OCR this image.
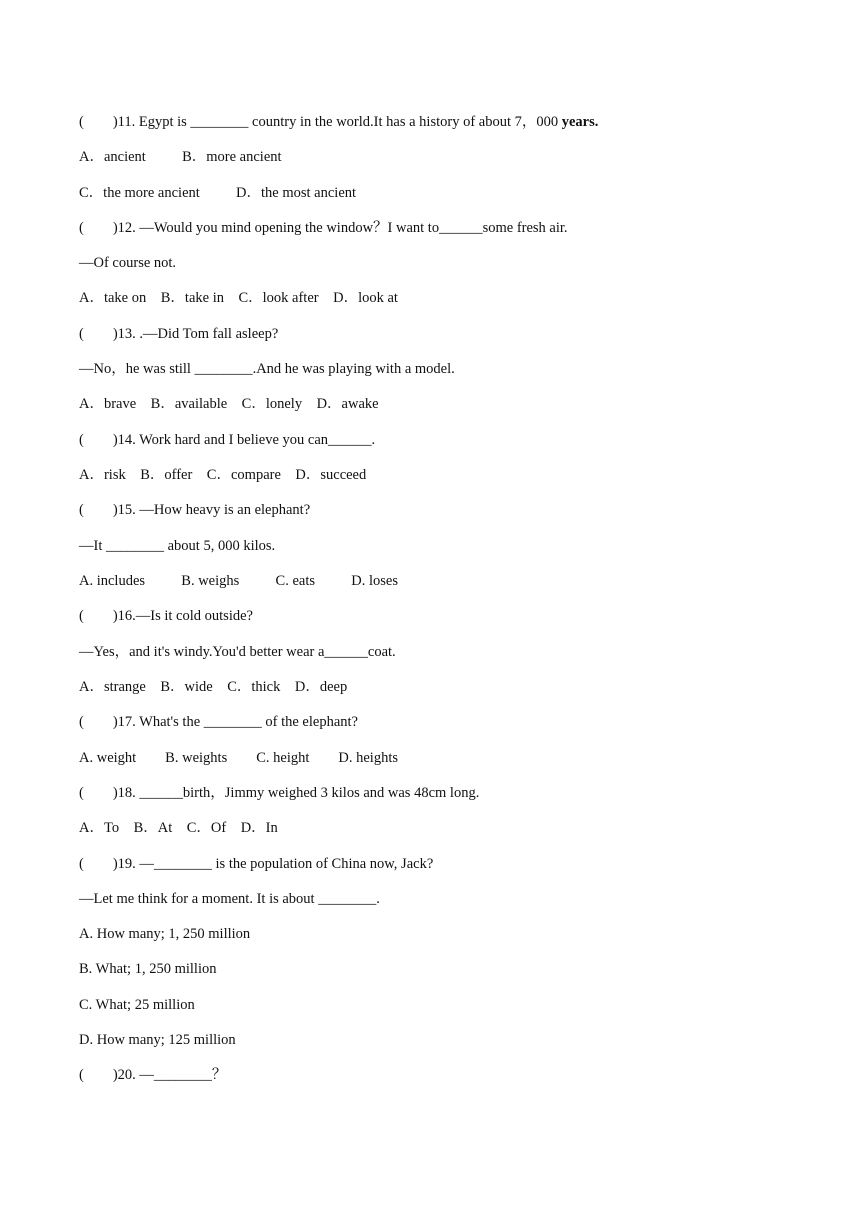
(        )11. Egypt is ________ country in the world.It has a history of about 7，000 years.
A．ancient          B．more ancient
C．the more ancient          D．the most ancient
(        )12. —Would you mind opening the window？I want to______some fresh air.
—Of course not.
A．take on    B．take in    C．look after    D．look at
(        )13. .—Did Tom fall asleep?
—No，he was still ________.And he was playing with a model.
A．brave    B．available    C．lonely    D．awake
(        )14. Work hard and I believe you can______.
A．risk    B．offer    C．compare    D．succeed
(        )15. —How heavy is an elephant?
—It ________ about 5, 000 kilos.
A. includes          B. weighs          C. eats          D. loses
(        )16.—Is it cold outside?
—Yes，and it's windy.You'd better wear a______coat.
A．strange    B．wide    C．thick    D．deep
(        )17. What's the ________ of the elephant?
A. weight        B. weights        C. height        D. heights
(        )18. ______birth，Jimmy weighed 3 kilos and was 48cm long.
A．To    B．At    C．Of    D．In
(        )19. —________ is the population of China now, Jack?
—Let me think for a moment. It is about ________.
A. How many; 1, 250 million
B. What; 1, 250 million
C. What; 25 million
D. How many; 125 million
(        )20. —________？
